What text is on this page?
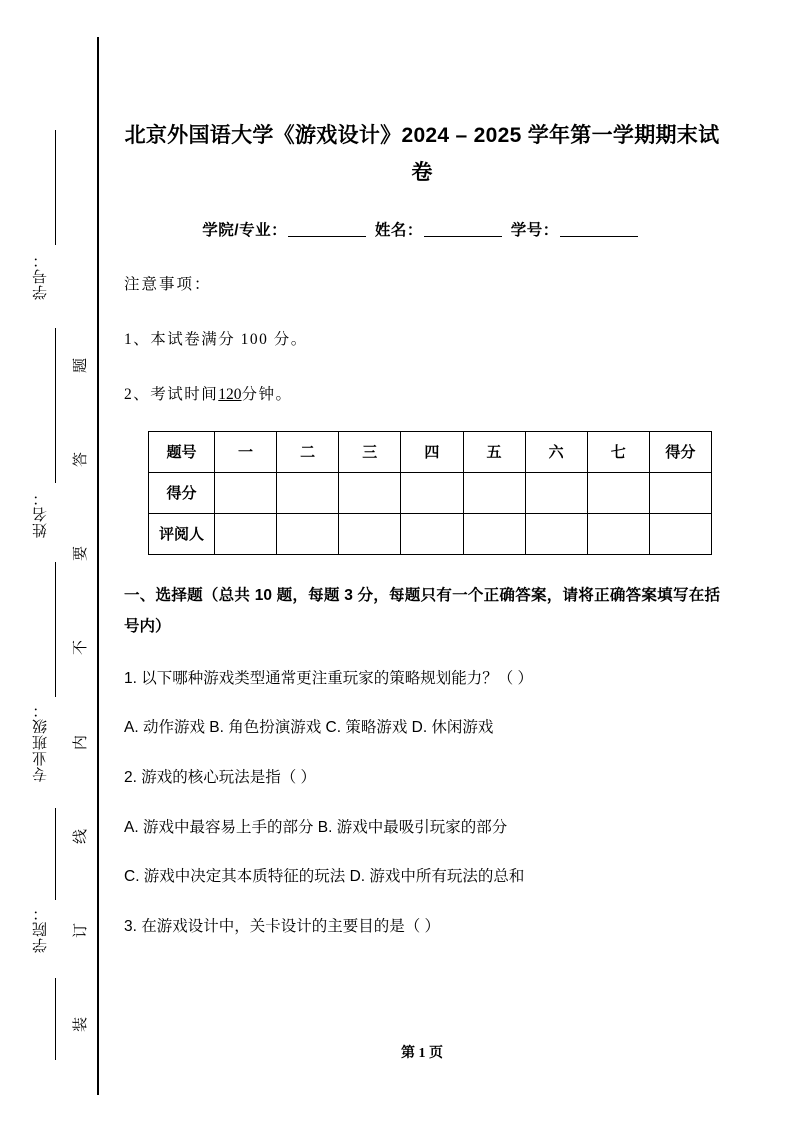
学号：
姓名：
专业班级：
学院：
题
答
要
不
内
线
订
装
北京外国语大学《游戏设计》2024 – 2025 学年第一学期期末试卷
学院/专业：	姓名：	学号：
注意事项：
1、本试卷满分 100 分。
2、考试时间120分钟。
题号	一	二	三	四	五	六	七	得分
得分								
评阅人								
一、选择题（总共 10 题，每题 3 分，每题只有一个正确答案，请将正确答案填写在括号内）
1. 以下哪种游戏类型通常更注重玩家的策略规划能力？（ ）
A. 动作游戏 B. 角色扮演游戏 C. 策略游戏 D. 休闲游戏
2. 游戏的核心玩法是指（ ）
A. 游戏中最容易上手的部分 B. 游戏中最吸引玩家的部分
C. 游戏中决定其本质特征的玩法 D. 游戏中所有玩法的总和
3. 在游戏设计中，关卡设计的主要目的是（ ）
第 1 页
